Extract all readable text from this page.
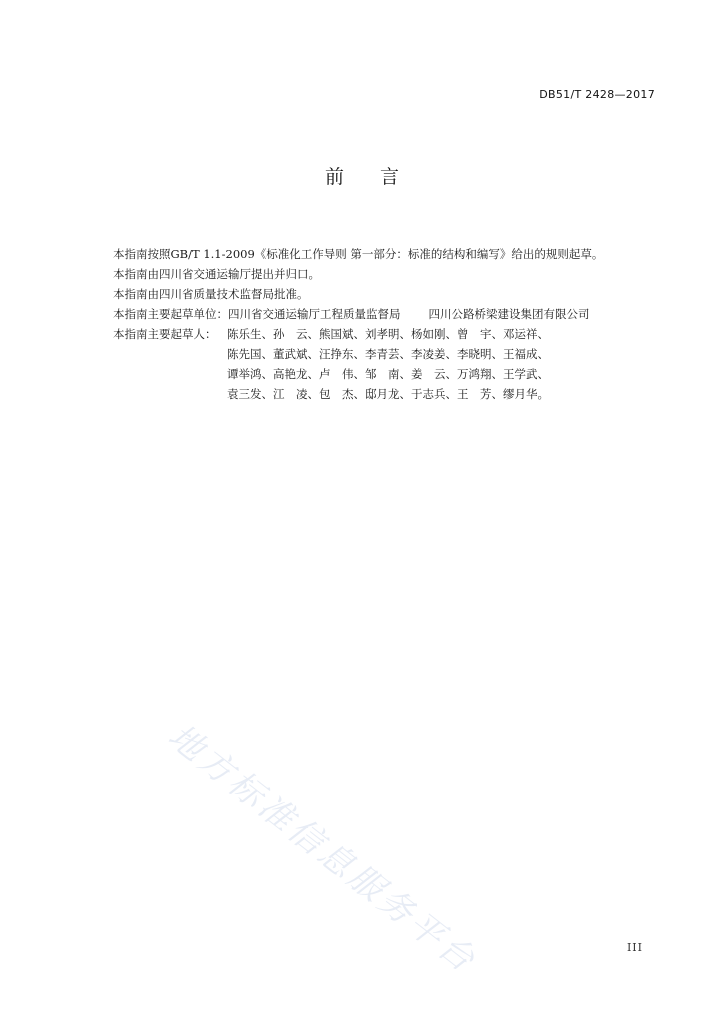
DB51/T 2428—2017
前 言
本指南按照GB/T 1.1-2009《标准化工作导则 第一部分：标准的结构和编写》给出的规则起草。
本指南由四川省交通运输厅提出并归口。
本指南由四川省质量技术监督局批准。
本指南主要起草单位：四川省交通运输厅工程质量监督局 四川公路桥梁建设集团有限公司
本指南主要起草人： 陈乐生、孙　云、熊国斌、刘孝明、杨如刚、曾　宇、邓运祥、
陈先国、董武斌、汪挣东、李青芸、李凌姜、李晓明、王福成、
谭举鸿、高艳龙、卢　伟、邹　南、姜　云、万鸿翔、王学武、
袁三发、江　凌、包　杰、邸月龙、于志兵、王　芳、缪月华。
地方标准信息服务平台	III
